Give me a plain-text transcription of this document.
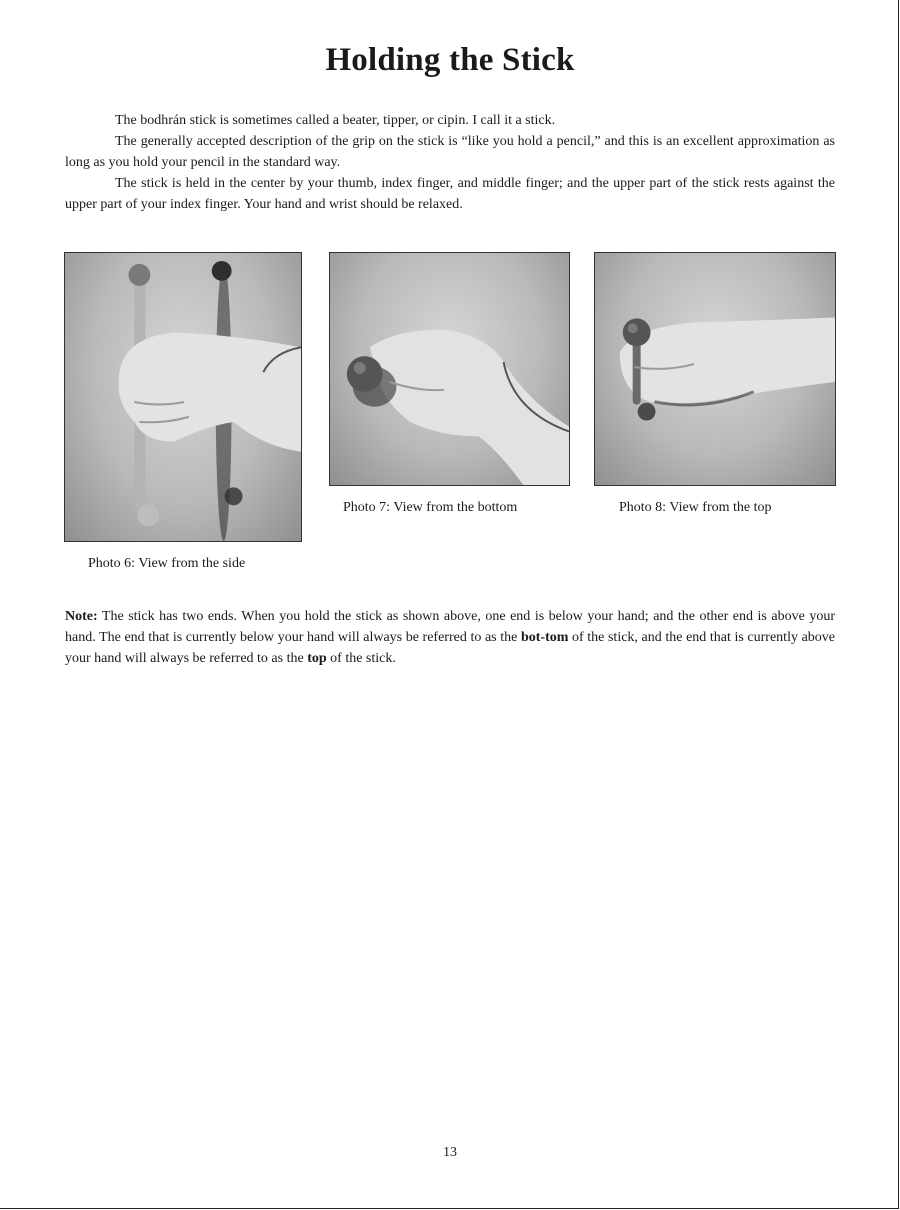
Holding the Stick

The bodhrán stick is sometimes called a beater, tipper, or cipin. I call it a stick.

The generally accepted description of the grip on the stick is “like you hold a pencil,” and this is an excellent approximation as long as you hold your pencil in the standard way.

The stick is held in the center by your thumb, index finger, and middle finger; and the upper part of the stick rests against the upper part of your index finger. Your hand and wrist should be relaxed.

Photo 6: View from the side
Photo 7: View from the bottom	Photo 8: View from the top

Note: The stick has two ends. When you hold the stick as shown above, one end is below your hand; and the other end is above your hand. The end that is currently below your hand will always be referred to as the bot-tom of the stick, and the end that is currently above your hand will always be referred to as the top of the stick.

13
